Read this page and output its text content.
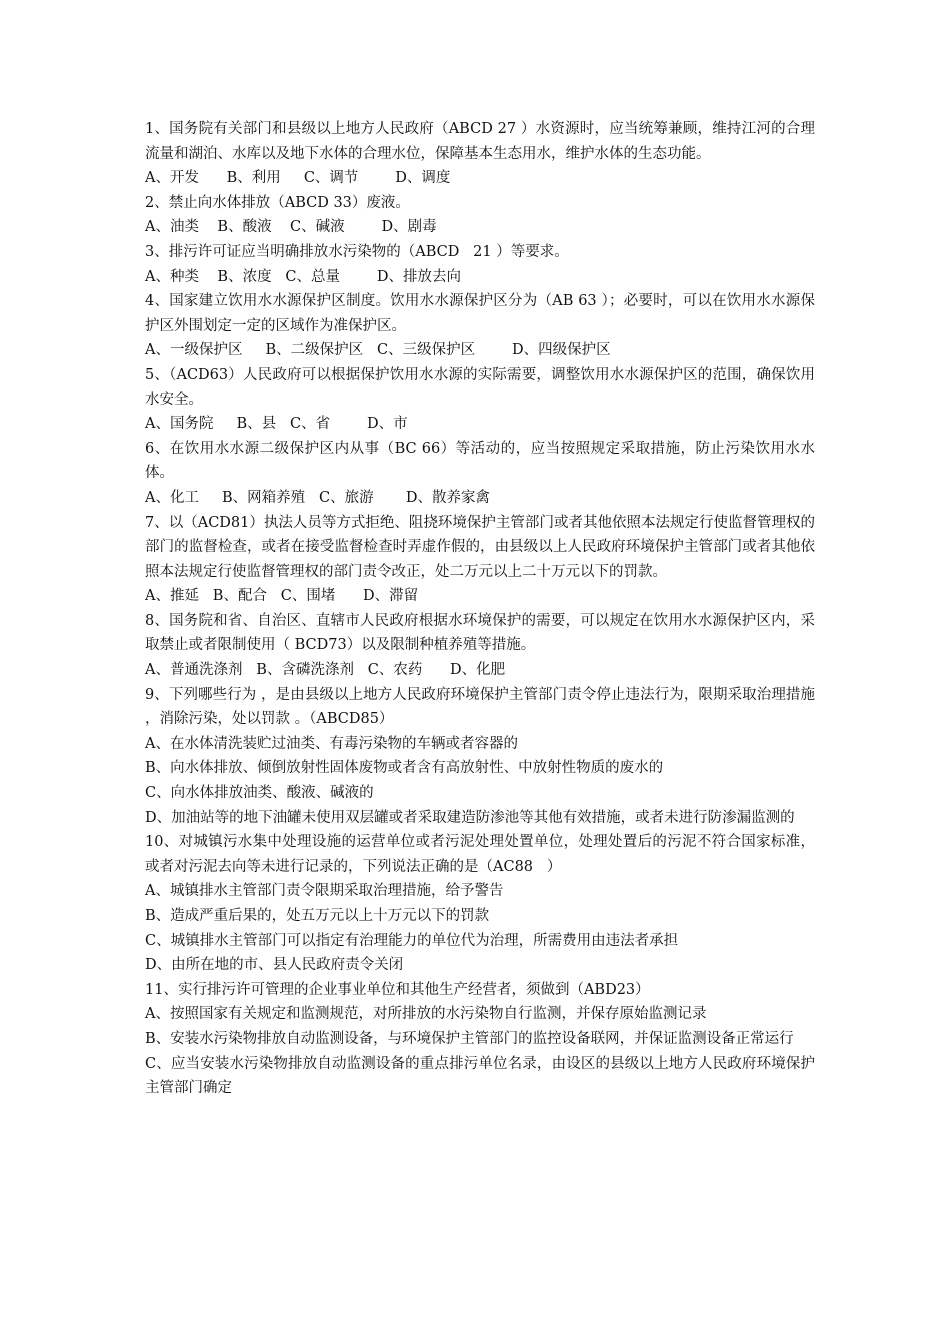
1、国务院有关部门和县级以上地方人民政府（ABCD 27 ）水资源时，应当统筹兼顾，维持江河的合理流量和湖泊、水库以及地下水体的合理水位，保障基本生态用水，维护水体的生态功能。

A、开发      B、利用     C、调节        D、调度

2、禁止向水体排放（ABCD 33）废液。

A、油类    B、酸液    C、碱液        D、剧毒

3、排污许可证应当明确排放水污染物的（ABCD   21 ）等要求。

A、种类    B、浓度   C、总量        D、排放去向

4、国家建立饮用水水源保护区制度。饮用水水源保护区分为（AB 63 ）；必要时，可以在饮用水水源保护区外围划定一定的区域作为准保护区。

A、一级保护区     B、二级保护区   C、三级保护区        D、四级保护区

5、（ACD63）人民政府可以根据保护饮用水水源的实际需要，调整饮用水水源保护区的范围，确保饮用水安全。

A、国务院     B、县   C、省        D、市

6、在饮用水水源二级保护区内从事（BC 66）等活动的，应当按照规定采取措施，防止污染饮用水水体。

A、化工     B、网箱养殖   C、旅游       D、散养家禽

7、以（ACD81）执法人员等方式拒绝、阻挠环境保护主管部门或者其他依照本法规定行使监督管理权的部门的监督检查，或者在接受监督检查时弄虚作假的，由县级以上人民政府环境保护主管部门或者其他依照本法规定行使监督管理权的部门责令改正，处二万元以上二十万元以下的罚款。

A、推延   B、配合   C、围堵      D、滞留

8、国务院和省、自治区、直辖市人民政府根据水环境保护的需要，可以规定在饮用水水源保护区内，采取禁止或者限制使用（ BCD73）以及限制种植养殖等措施。

A、普通洗涤剂   B、含磷洗涤剂   C、农药      D、化肥

9、下列哪些行为 ，是由县级以上地方人民政府环境保护主管部门责令停止违法行为，限期采取治理措施 ，消除污染，处以罚款 。（ABCD85）

A、在水体清洗装贮过油类、有毒污染物的车辆或者容器的

B、向水体排放、倾倒放射性固体废物或者含有高放射性、中放射性物质的废水的

C、向水体排放油类、酸液、碱液的

D、加油站等的地下油罐未使用双层罐或者采取建造防渗池等其他有效措施，或者未进行防渗漏监测的

10、对城镇污水集中处理设施的运营单位或者污泥处理处置单位，处理处置后的污泥不符合国家标准，或者对污泥去向等未进行记录的，下列说法正确的是（AC88   ）

A、城镇排水主管部门责令限期采取治理措施，给予警告

B、造成严重后果的，处五万元以上十万元以下的罚款

C、城镇排水主管部门可以指定有治理能力的单位代为治理，所需费用由违法者承担

D、由所在地的市、县人民政府责令关闭

11、实行排污许可管理的企业事业单位和其他生产经营者，须做到（ABD23）

A、按照国家有关规定和监测规范，对所排放的水污染物自行监测，并保存原始监测记录

B、安装水污染物排放自动监测设备，与环境保护主管部门的监控设备联网，并保证监测设备正常运行

C、应当安装水污染物排放自动监测设备的重点排污单位名录，由设区的县级以上地方人民政府环境保护主管部门确定
